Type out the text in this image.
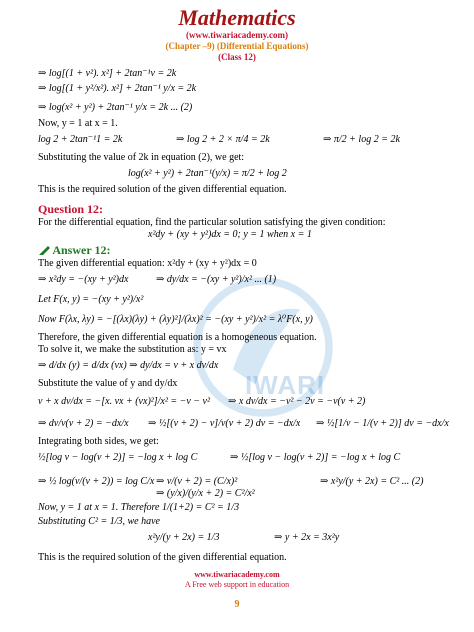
Mathematics
(www.tiwariacademy.com)
(Chapter –9) (Differential Equations)
(Class 12)
IWARI
⇒ log[(1 + v²). x²] + 2tan⁻¹v = 2k
⇒ log[(1 + y²/x²). x²] + 2tan⁻¹ y/x = 2k
⇒ log(x² + y²) + 2tan⁻¹ y/x = 2k ... (2)
Now, y = 1 at x = 1.
log 2 + 2tan⁻¹1 = 2k	⇒ log 2 + 2 × π/4 = 2k	⇒ π/2 + log 2 = 2k
Substituting the value of 2k in equation (2), we get:
log(x² + y²) + 2tan⁻¹(y/x) = π/2 + log 2
This is the required solution of the given differential equation.
Question 12:
For the differential equation, find the particular solution satisfying the given condition:
x²dy + (xy + y²)dx = 0; y = 1 when x = 1
Answer 12:
The given differential equation: x²dy + (xy + y²)dx = 0
⇒ x²dy = −(xy + y²)dx	⇒ dy/dx = −(xy + y²)/x² ... (1)
Let F(x, y) = −(xy + y²)/x²
Now F(λx, λy) = −[(λx)(λy) + (λy)²]/(λx)² = −(xy + y²)/x² = λ⁰F(x, y)
Therefore, the given differential equation is a homogeneous equation.
To solve it, we make the substitution as: y = vx
⇒ d/dx (y) = d/dx (vx) ⇒ dy/dx = v + x dv/dx
Substitute the value of y and dy/dx
v + x dv/dx = −[x. vx + (vx)²]/x² = −v − v² ⇒ x dv/dx = −v² − 2v = −v(v + 2)
⇒ dv/v(v + 2) = −dx/x ⇒ ½[(v + 2) − v]/v(v + 2) dv = −dx/x ⇒ ½[1/v − 1/(v + 2)] dv = −dx/x
Integrating both sides, we get:
½[log v − log(v + 2)] = −log x + log C	⇒ ½[log v − log(v + 2)] = −log x + log C
⇒ ½ log(v/(v + 2)) = log C/x ⇒ v/(v + 2) = (C/x)²
⇒ (y/x)/(y/x + 2) = C²/x²
⇒ x²y/(y + 2x) = C² ... (2)
Now, y = 1 at x = 1. Therefore 1/(1+2) = C² = 1/3
Substituting C² = 1/3, we have
x²y/(y + 2x) = 1/3	⇒ y + 2x = 3x²y
This is the required solution of the given differential equation.
www.tiwariacademy.com
A Free web support in education
9
